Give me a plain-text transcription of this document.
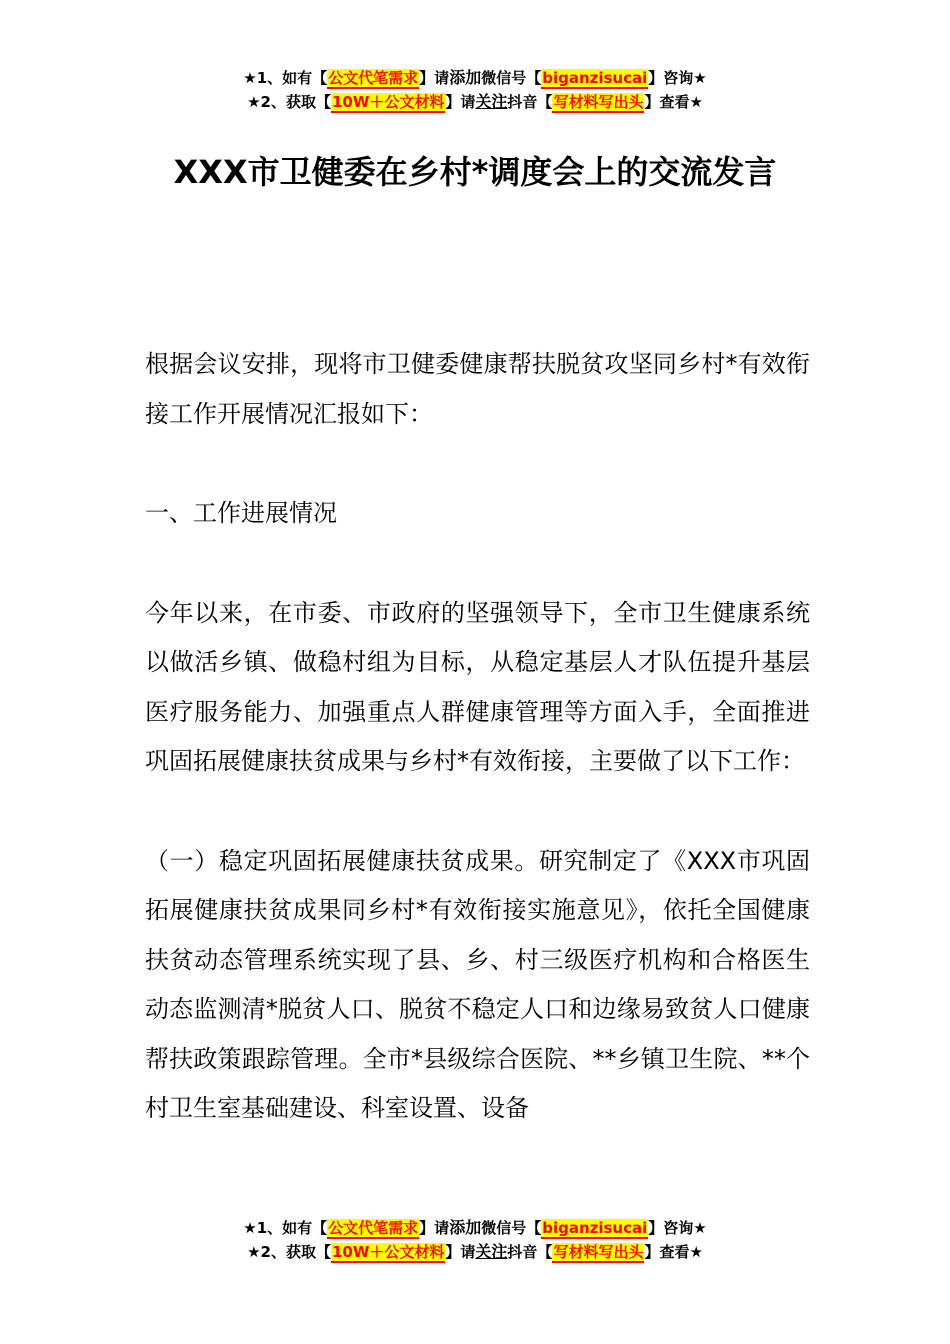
★1、如有【公文代笔需求】请添加微信号【biganzisucai】咨询★
★2、获取【10W＋公文材料】请关注抖音【写材料写出头】查看★
XXX市卫健委在乡村*调度会上的交流发言

根据会议安排，现将市卫健委健康帮扶脱贫攻坚同乡村*有效衔接工作开展情况汇报如下：

一、工作进展情况

今年以来，在市委、市政府的坚强领导下，全市卫生健康系统以做活乡镇、做稳村组为目标，从稳定基层人才队伍提升基层医疗服务能力、加强重点人群健康管理等方面入手，全面推进巩固拓展健康扶贫成果与乡村*有效衔接，主要做了以下工作：

（一）稳定巩固拓展健康扶贫成果。研究制定了《XXX市巩固拓展健康扶贫成果同乡村*有效衔接实施意见》，依托全国健康扶贫动态管理系统实现了县、乡、村三级医疗机构和合格医生动态监测清*脱贫人口、脱贫不稳定人口和边缘易致贫人口健康帮扶政策跟踪管理。全市*县级综合医院、**乡镇卫生院、**个村卫生室基础建设、科室设置、设备

★1、如有【公文代笔需求】请添加微信号【biganzisucai】咨询★
★2、获取【10W＋公文材料】请关注抖音【写材料写出头】查看★
